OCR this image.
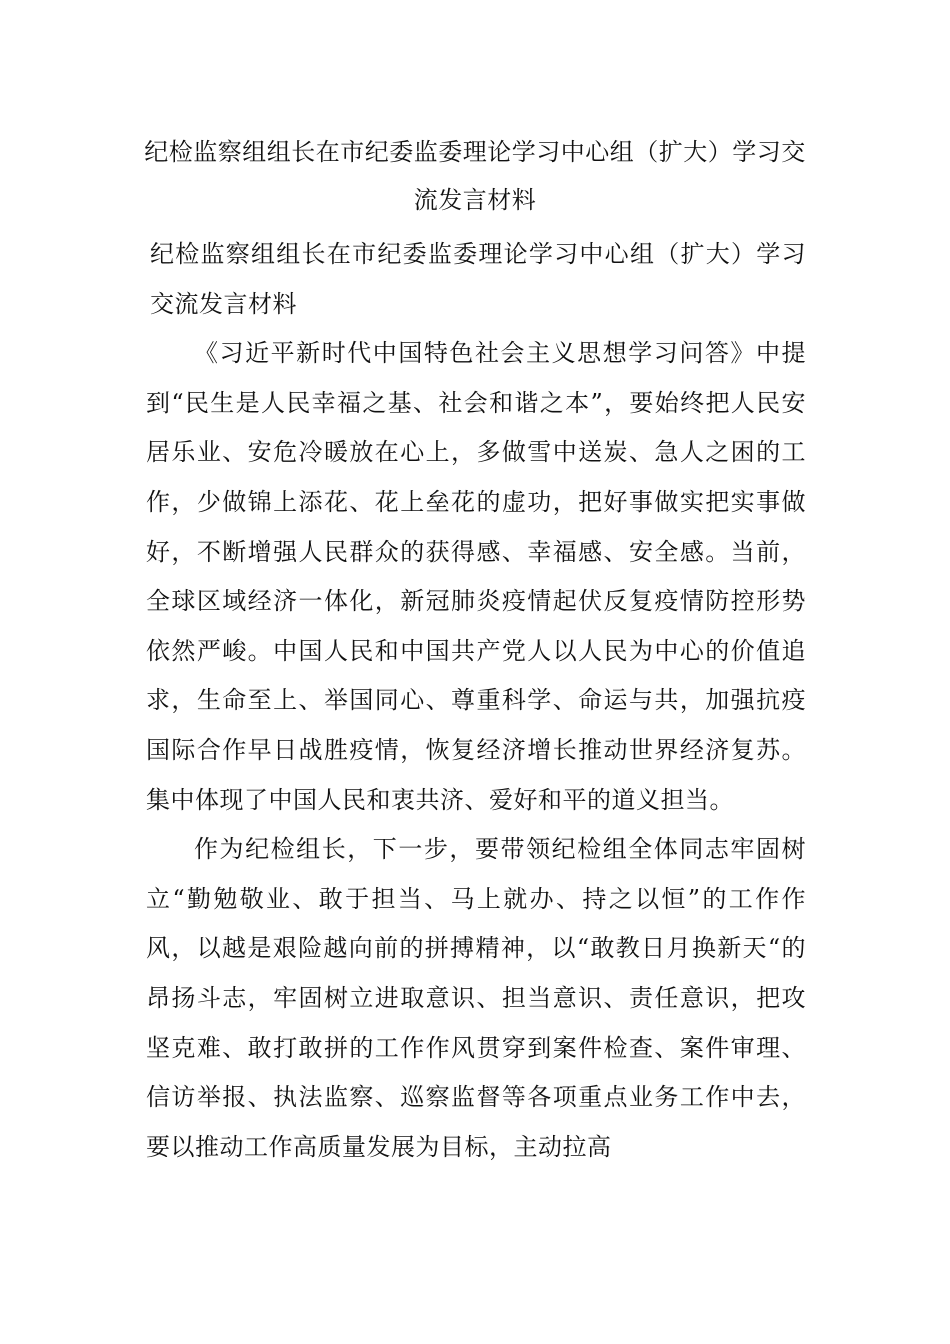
纪检监察组组长在市纪委监委理论学习中心组（扩大）学习交流发言材料

纪检监察组组长在市纪委监委理论学习中心组（扩大）学习交流发言材料

《习近平新时代中国特色社会主义思想学习问答》中提到“民生是人民幸福之基、社会和谐之本”，要始终把人民安居乐业、安危冷暖放在心上，多做雪中送炭、急人之困的工作，少做锦上添花、花上垒花的虚功，把好事做实把实事做好，不断增强人民群众的获得感、幸福感、安全感。当前，全球区域经济一体化，新冠肺炎疫情起伏反复疫情防控形势依然严峻。中国人民和中国共产党人以人民为中心的价值追求，生命至上、举国同心、尊重科学、命运与共，加强抗疫国际合作早日战胜疫情，恢复经济增长推动世界经济复苏。集中体现了中国人民和衷共济、爱好和平的道义担当。

作为纪检组长，下一步，要带领纪检组全体同志牢固树立“勤勉敬业、敢于担当、马上就办、持之以恒”的工作作风，以越是艰险越向前的拼搏精神，以“敢教日月换新天“的昂扬斗志，牢固树立进取意识、担当意识、责任意识，把攻坚克难、敢打敢拼的工作作风贯穿到案件检查、案件审理、信访举报、执法监察、巡察监督等各项重点业务工作中去，要以推动工作高质量发展为目标，主动拉高
